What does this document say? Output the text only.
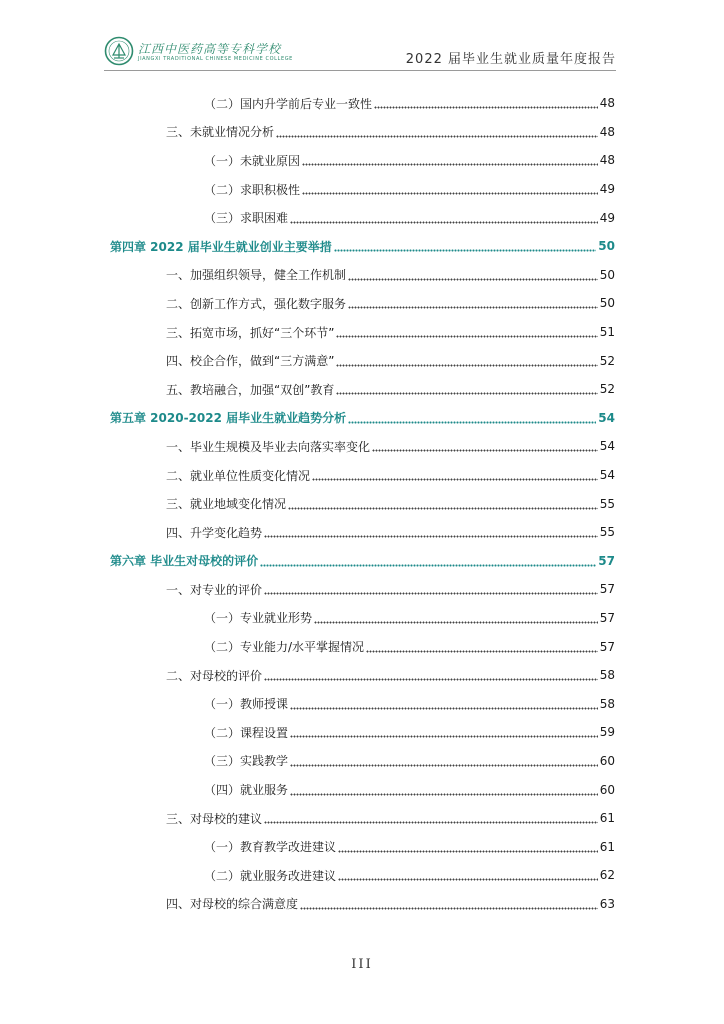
江西中医药高等专科学校
JIANGXI TRADITIONAL CHINESE MEDICINE COLLEGE	2022 届毕业生就业质量年度报告
（二）国内升学前后专业一致性	48
三、未就业情况分析	48
（一）未就业原因	48
（二）求职积极性	49
（三）求职困难	49
第四章 2022 届毕业生就业创业主要举措	50
一、加强组织领导，健全工作机制	50
二、创新工作方式，强化数字服务	50
三、拓宽市场，抓好“三个环节”	51
四、校企合作，做到“三方满意”	52
五、教培融合，加强“双创”教育	52
第五章 2020-2022 届毕业生就业趋势分析	54
一、毕业生规模及毕业去向落实率变化	54
二、就业单位性质变化情况	54
三、就业地域变化情况	55
四、升学变化趋势	55
第六章 毕业生对母校的评价	57
一、对专业的评价	57
（一）专业就业形势	57
（二）专业能力/水平掌握情况	57
二、对母校的评价	58
（一）教师授课	58
（二）课程设置	59
（三）实践教学	60
（四）就业服务	60
三、对母校的建议	61
（一）教育教学改进建议	61
（二）就业服务改进建议	62
四、对母校的综合满意度	63
III
